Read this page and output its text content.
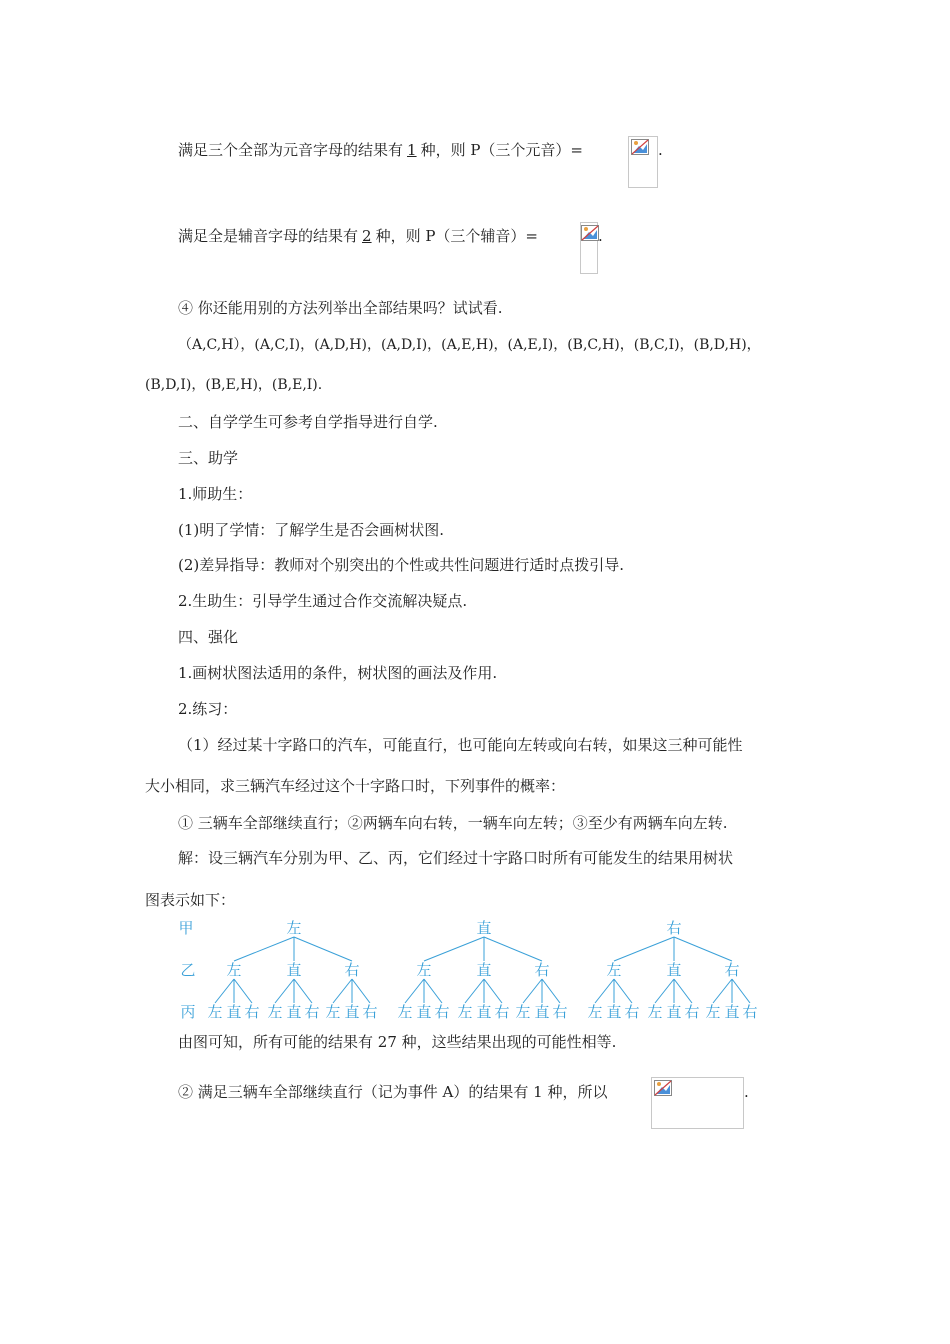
满足三个全部为元音字母的结果有 1 种，则 P（三个元音）=	.
满足全是辅音字母的结果有 2 种，则 P（三个辅音）=	.
④ 你还能用别的方法列举出全部结果吗？试试看.
（A,C,H），(A,C,I)，(A,D,H)，(A,D,I)，(A,E,H)，(A,E,I)，(B,C,H)，(B,C,I)，(B,D,H)，
(B,D,I)，(B,E,H)，(B,E,I).
二、自学学生可参考自学指导进行自学.
三、助学
1.师助生：
(1)明了学情：了解学生是否会画树状图.
(2)差异指导：教师对个别突出的个性或共性问题进行适时点拨引导.
2.生助生：引导学生通过合作交流解决疑点.
四、强化
1.画树状图法适用的条件，树状图的画法及作用.
2.练习：
（1）经过某十字路口的汽车，可能直行，也可能向左转或向右转，如果这三种可能性
大小相同，求三辆汽车经过这个十字路口时，下列事件的概率：
① 三辆车全部继续直行；②两辆车向右转，一辆车向左转；③至少有两辆车向左转.
解：设三辆汽车分别为甲、乙、丙，它们经过十字路口时所有可能发生的结果用树状
图表示如下：
甲
乙
丙
左
左
左 直 右
直
左 直 右
右
左 直 右
直
左
左 直 右
直
左 直 右
右
左 直 右
右
左
左 直 右
直
左 直 右
右
左 直 右
由图可知，所有可能的结果有 27 种，这些结果出现的可能性相等.
② 满足三辆车全部继续直行（记为事件 A）的结果有 1 种，所以	.
